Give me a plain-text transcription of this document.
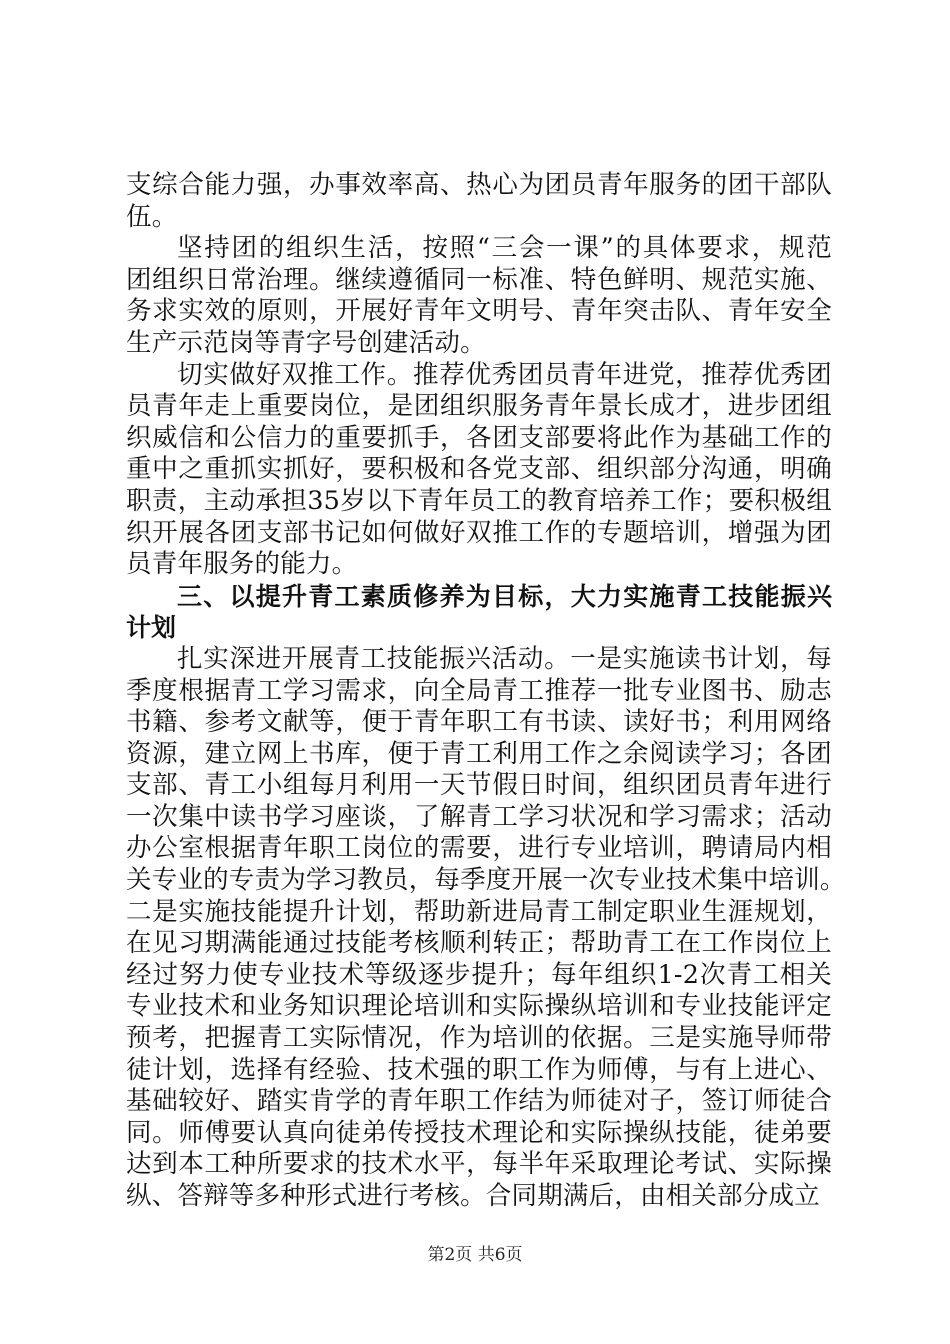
支综合能力强，办事效率高、热心为团员青年服务的团干部队
伍。
坚持团的组织生活，按照“三会一课”的具体要求，规范
团组织日常治理。继续遵循同一标准、特色鲜明、规范实施、
务求实效的原则，开展好青年文明号、青年突击队、青年安全
生产示范岗等青字号创建活动。
切实做好双推工作。推荐优秀团员青年进党，推荐优秀团
员青年走上重要岗位，是团组织服务青年景长成才，进步团组
织威信和公信力的重要抓手，各团支部要将此作为基础工作的
重中之重抓实抓好，要积极和各党支部、组织部分沟通，明确
职责，主动承担35岁以下青年员工的教育培养工作；要积极组
织开展各团支部书记如何做好双推工作的专题培训，增强为团
员青年服务的能力。
三、以提升青工素质修养为目标，大力实施青工技能振兴
计划
扎实深进开展青工技能振兴活动。一是实施读书计划，每
季度根据青工学习需求，向全局青工推荐一批专业图书、励志
书籍、参考文献等，便于青年职工有书读、读好书；利用网络
资源，建立网上书库，便于青工利用工作之余阅读学习；各团
支部、青工小组每月利用一天节假日时间，组织团员青年进行
一次集中读书学习座谈，了解青工学习状况和学习需求；活动
办公室根据青年职工岗位的需要，进行专业培训，聘请局内相
关专业的专责为学习教员，每季度开展一次专业技术集中培训。
二是实施技能提升计划，帮助新进局青工制定职业生涯规划，
在见习期满能通过技能考核顺利转正；帮助青工在工作岗位上
经过努力使专业技术等级逐步提升；每年组织1-2次青工相关
专业技术和业务知识理论培训和实际操纵培训和专业技能评定
预考，把握青工实际情况，作为培训的依据。三是实施导师带
徒计划，选择有经验、技术强的职工作为师傅，与有上进心、
基础较好、踏实肯学的青年职工作结为师徒对子，签订师徒合
同。师傅要认真向徒弟传授技术理论和实际操纵技能，徒弟要
达到本工种所要求的技术水平，每半年采取理论考试、实际操
纵、答辩等多种形式进行考核。合同期满后，由相关部分成立
第2页 共6页
